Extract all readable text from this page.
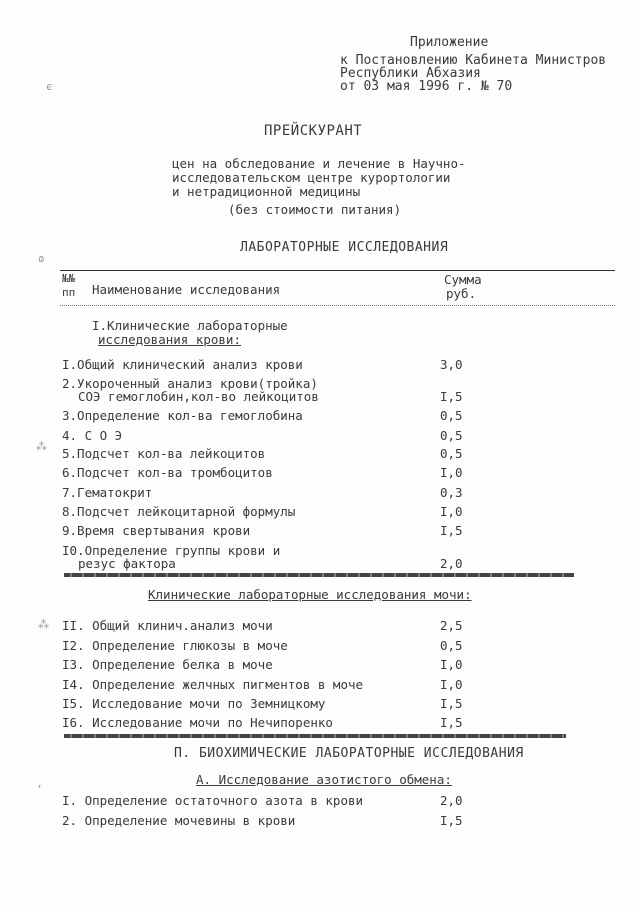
Приложение
к Постановлению Кабинета Министров
Республики Абхазия
от 03 мая 1996 г. № 70
ϵ
ПРЕЙСКУРАНТ
цен на обследование и лечение в Научно-
исследовательском центре курортологии
и нетрадиционной медицины
(без стоимости питания)
ЛАБОРАТОРНЫЕ ИССЛЕДОВАНИЯ
ɷ
№№
пп Наименование исследования
Сумма
руб.
I.Клинические лабораторные
исследования крови:
I.Общий клинический анализ крови	3,0
2.Укороченный анализ крови(тройка)
СОЭ гемоглобин,кол-во лейкоцитов	I,5
3.Определение кол-ва гемоглобина	0,5
4. С О Э	0,5
⁂ 5.Подсчет кол-ва лейкоцитов	0,5
6.Подсчет кол-ва тромбоцитов	I,0
7.Гематокрит	0,3
8.Подсчет лейкоцитарной формулы	I,0
9.Время свертывания крови	I,5
I0.Определение группы крови и
резус фактора	2,0
Клинические лабораторные исследования мочи:
⁂ II. Общий клинич.анализ мочи	2,5
I2. Определение глюкозы в моче	0,5
I3. Определение белка в моче	I,0
I4. Определение желчных пигментов в моче	I,0
I5. Исследование мочи по Земницкому	I,5
I6. Исследование мочи по Нечипоренко	I,5
П. БИОХИМИЧЕСКИЕ ЛАБОРАТОРНЫЕ ИССЛЕДОВАНИЯ
А. Исследование азотистого обмена:
ʼ
I. Определение остаточного азота в крови	2,0
2. Определение мочевины в крови	I,5
